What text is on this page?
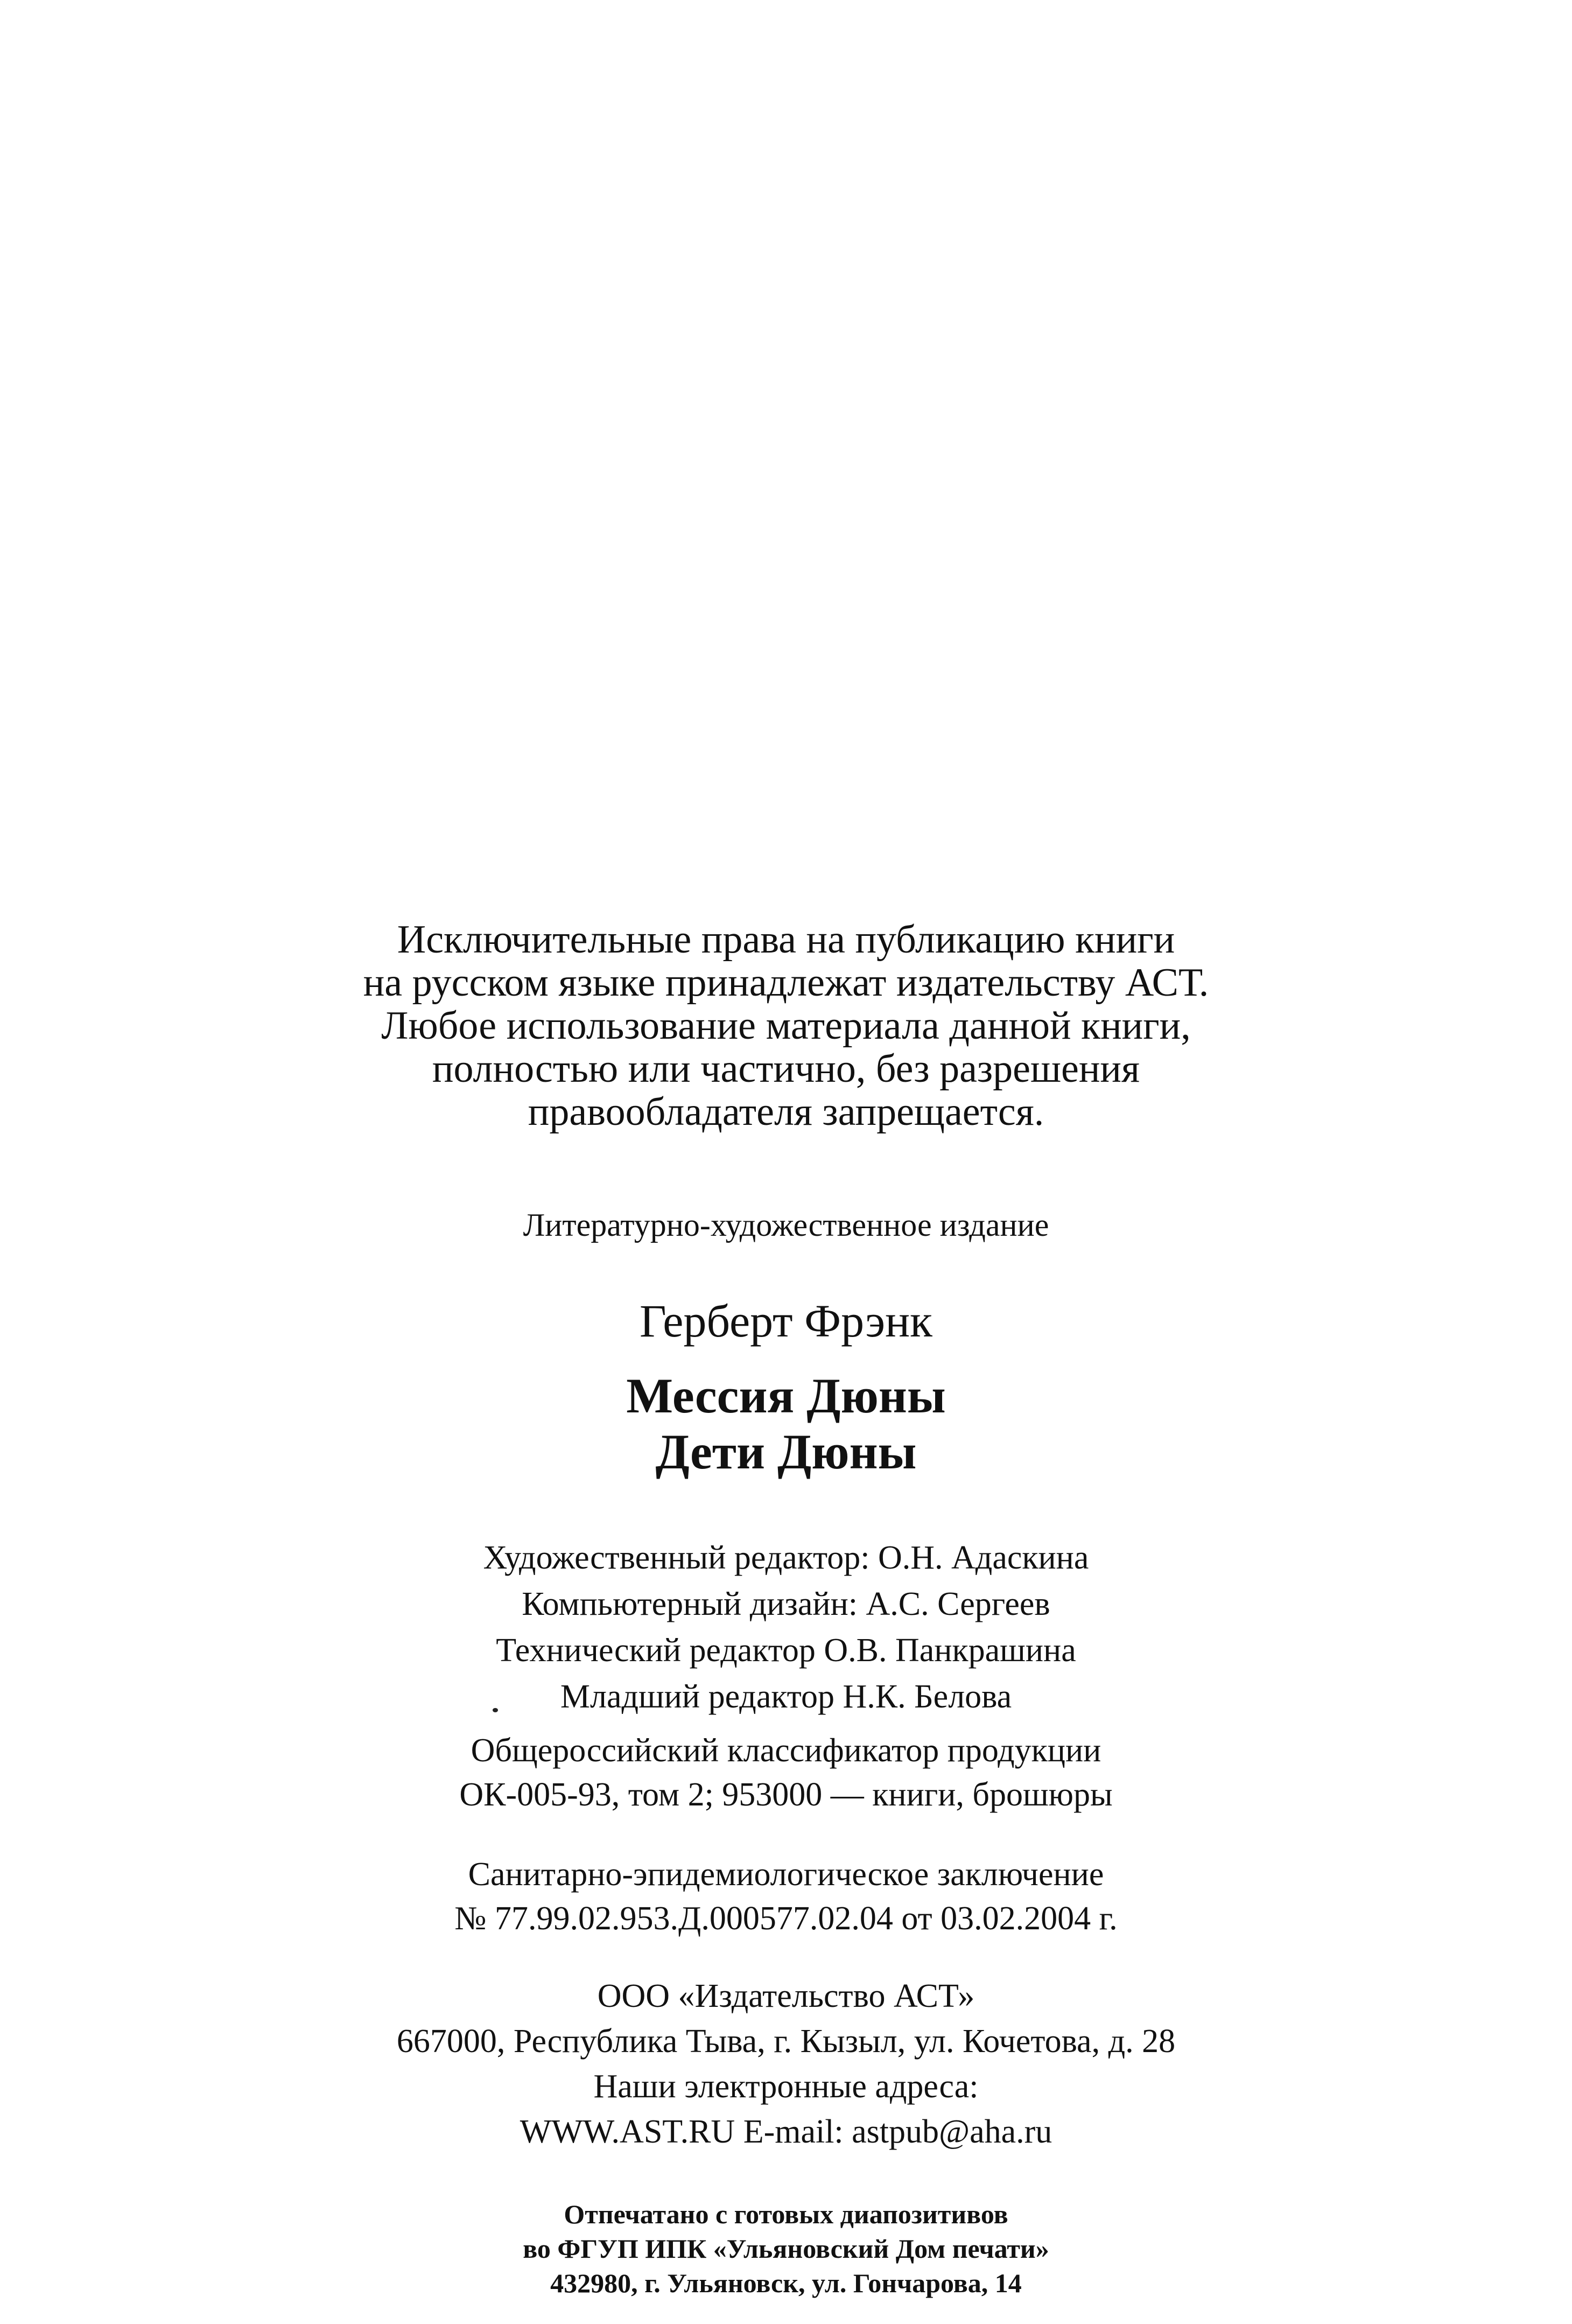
Исключительные права на публикацию книги
на русском языке принадлежат издательству АСТ.
Любое использование материала данной книги,
полностью или частично, без разрешения
правообладателя запрещается.
Литературно-художественное издание
Герберт Фрэнк
Мессия Дюны
Дети Дюны
Художественный редактор: О.Н. Адаскина
Компьютерный дизайн: А.С. Сергеев
Технический редактор О.В. Панкрашина
Младший редактор Н.К. Белова
Общероссийский классификатор продукции
ОК-005-93, том 2; 953000 — книги, брошюры
Санитарно-эпидемиологическое заключение
№ 77.99.02.953.Д.000577.02.04 от 03.02.2004 г.
ООО «Издательство АСТ»
667000, Республика Тыва, г. Кызыл, ул. Кочетова, д. 28
Наши электронные адреса:
WWW.AST.RU E-mail: astpub@aha.ru
Отпечатано с готовых диапозитивов
во ФГУП ИПК «Ульяновский Дом печати»
432980, г. Ульяновск, ул. Гончарова, 14
